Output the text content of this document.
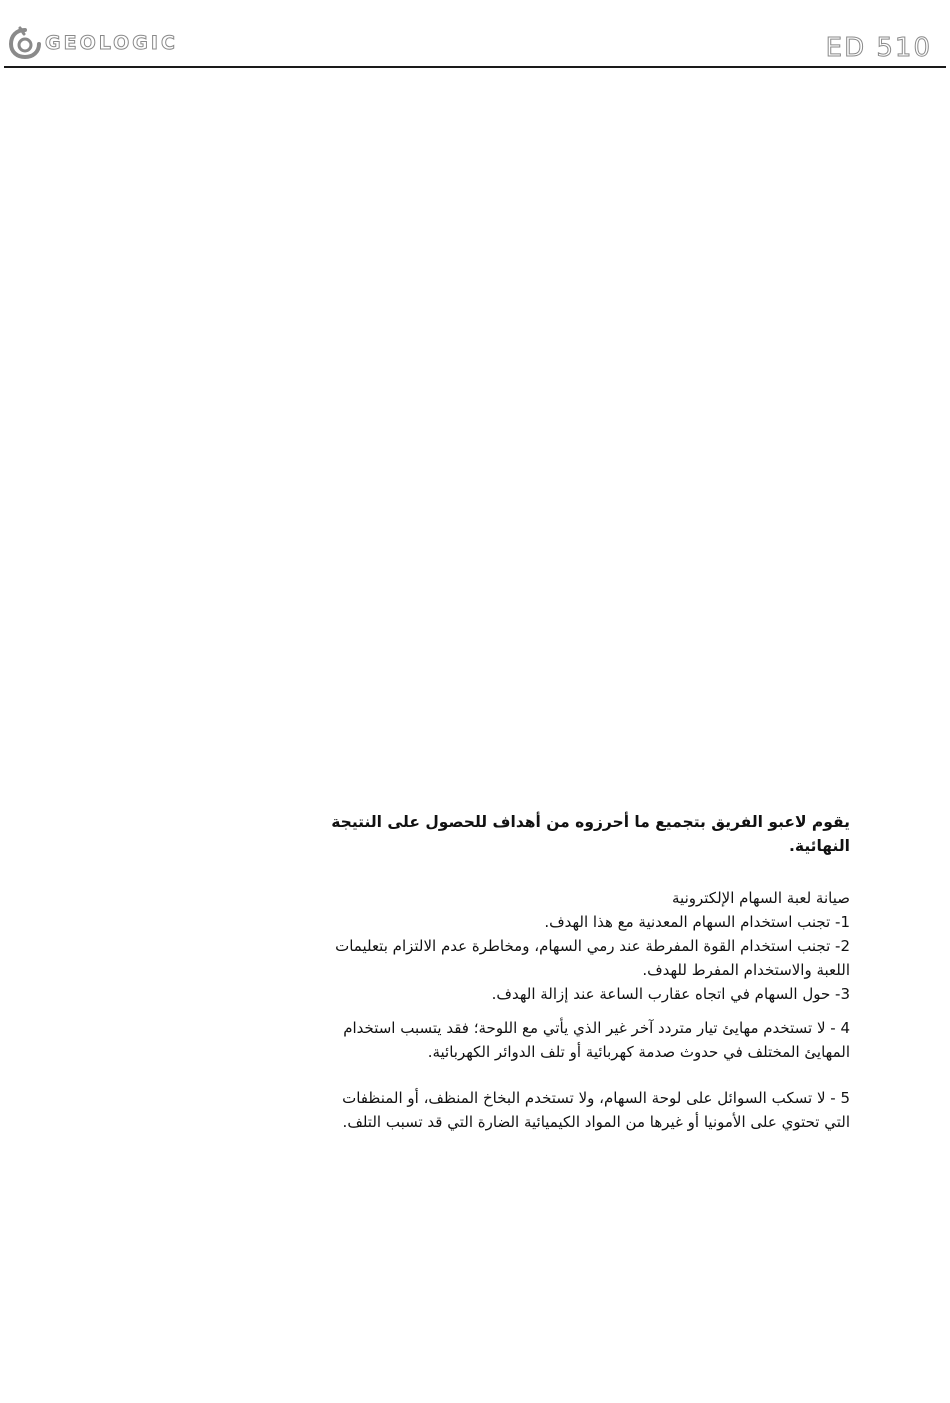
GEOLOGIC	ED 510

يقوم لاعبو الفريق بتجميع ما أحرزوه من أهداف للحصول على النتيجة النهائية.

صيانة لعبة السهام الإلكترونية

1- تجنب استخدام السهام المعدنية مع هذا الهدف.

2- تجنب استخدام القوة المفرطة عند رمي السهام، ومخاطرة عدم الالتزام بتعليمات اللعبة والاستخدام المفرط للهدف.

3- حول السهام في اتجاه عقارب الساعة عند إزالة الهدف.

4 - لا تستخدم مهايئ تيار متردد آخر غير الذي يأتي مع اللوحة؛ فقد يتسبب استخدام المهايئ المختلف في حدوث صدمة كهربائية أو تلف الدوائر الكهربائية.

5 - لا تسكب السوائل على لوحة السهام، ولا تستخدم البخاخ المنظف، أو المنظفات التي تحتوي على الأمونيا أو غيرها من المواد الكيميائية الضارة التي قد تسبب التلف.
